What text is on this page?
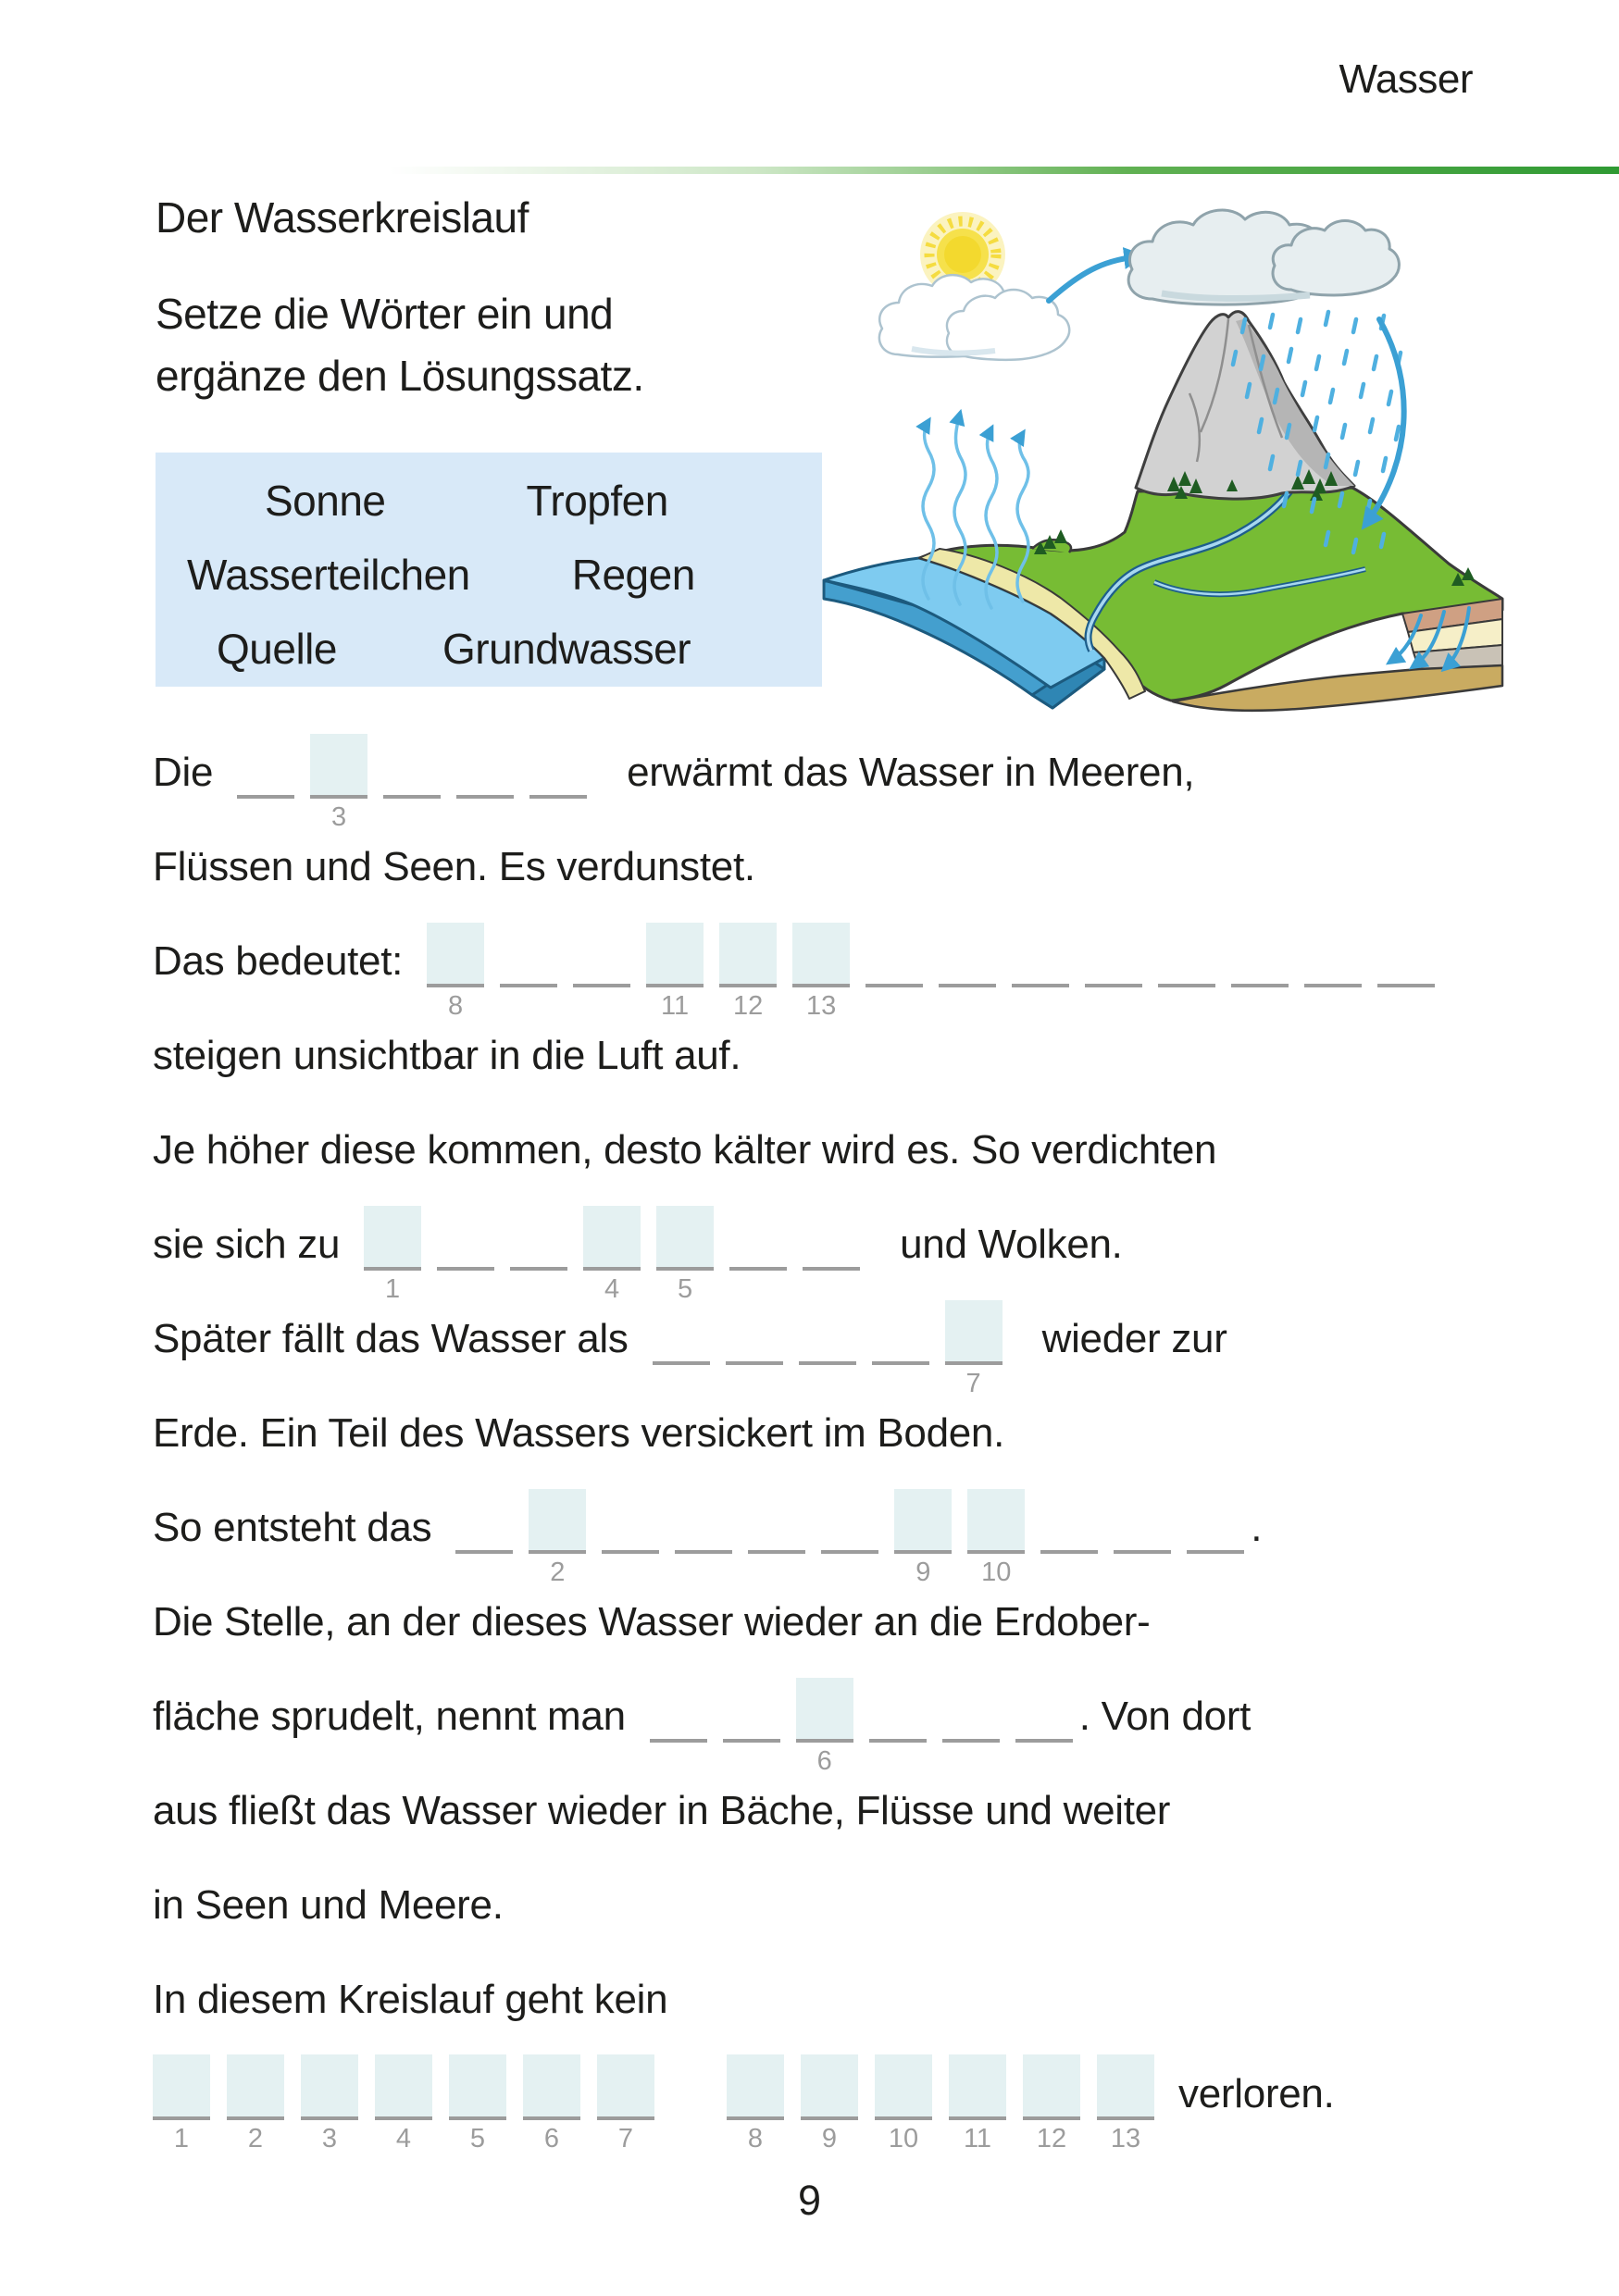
Wasser
Der Wasserkreislauf
Setze die Wörter ein und
ergänze den Lösungssatz.
Sonne	Tropfen
Wasserteilchen Regen
Quelle Grundwasser
Die
3
erwärmt das Wasser in Meeren,
Flüssen und Seen. Es verdunstet.
Das bedeutet:
8	11	12	13
steigen unsichtbar in die Luft auf.
Je höher diese kommen, desto kälter wird es. So verdichten
sie sich zu
1	4	5
und Wolken.
Später fällt das Wasser als
7
wieder zur
Erde. Ein Teil des Wassers versickert im Boden.
So entsteht das
2	9	10
.
Die Stelle, an der dieses Wasser wieder an die Erdober-
fläche sprudelt, nennt man
6
. Von dort
aus fließt das Wasser wieder in Bäche, Flüsse und weiter
in Seen und Meere.
In diesem Kreislauf geht kein
1	2	3	4	5	6	7	8	9	10	11	12	13
verloren.
9
